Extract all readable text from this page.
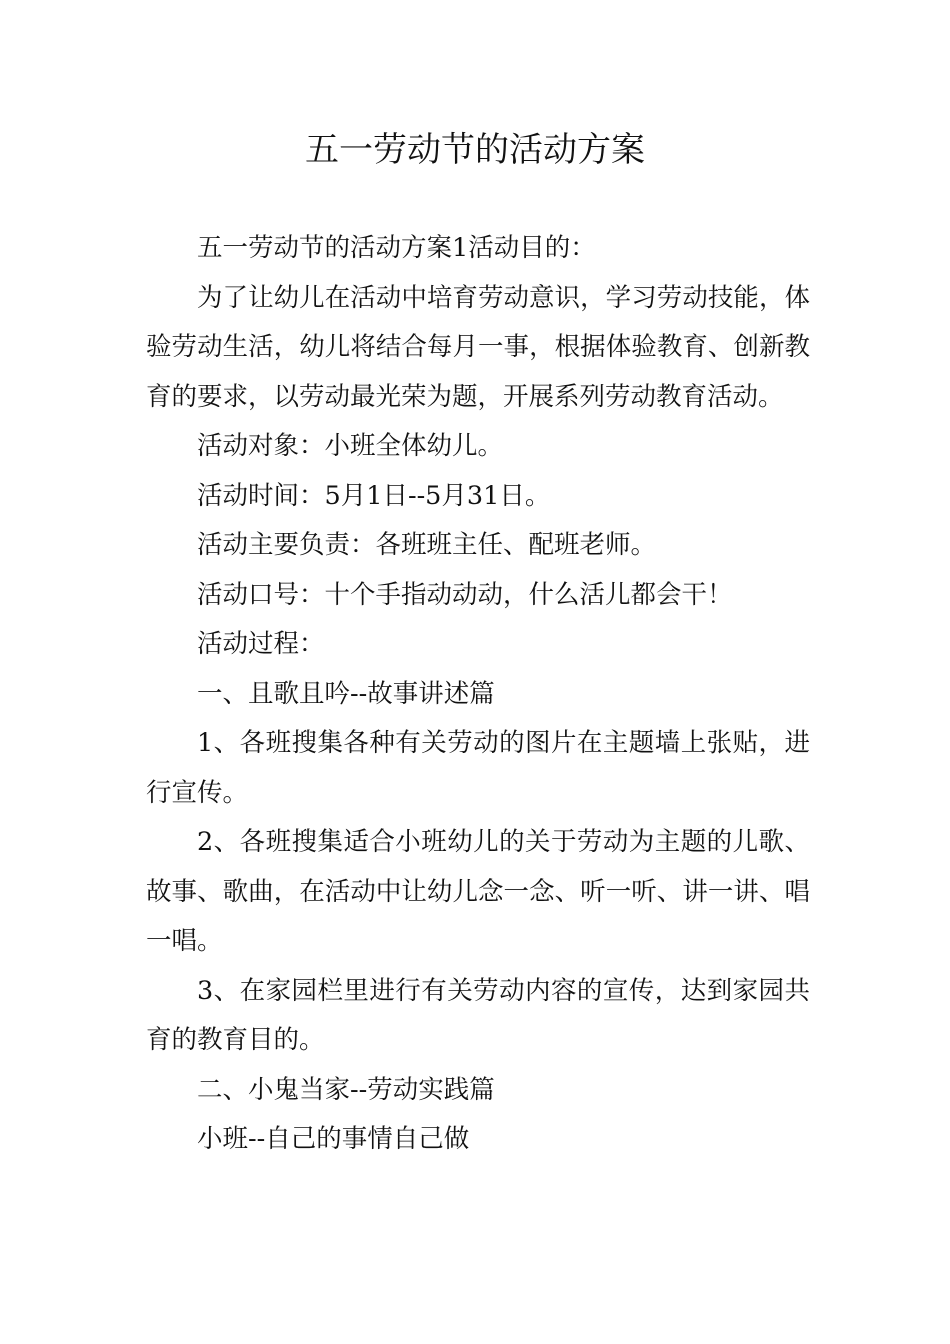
五一劳动节的活动方案

五一劳动节的活动方案1活动目的：

为了让幼儿在活动中培育劳动意识，学习劳动技能，体验劳动生活，幼儿将结合每月一事，根据体验教育、创新教育的要求，以劳动最光荣为题，开展系列劳动教育活动。

活动对象：小班全体幼儿。

活动时间：5月1日--5月31日。

活动主要负责：各班班主任、配班老师。

活动口号：十个手指动动动，什么活儿都会干！

活动过程：

一、且歌且吟--故事讲述篇

1、各班搜集各种有关劳动的图片在主题墙上张贴，进行宣传。

2、各班搜集适合小班幼儿的关于劳动为主题的儿歌、故事、歌曲，在活动中让幼儿念一念、听一听、讲一讲、唱一唱。

3、在家园栏里进行有关劳动内容的宣传，达到家园共育的教育目的。

二、小鬼当家--劳动实践篇

小班--自己的事情自己做
